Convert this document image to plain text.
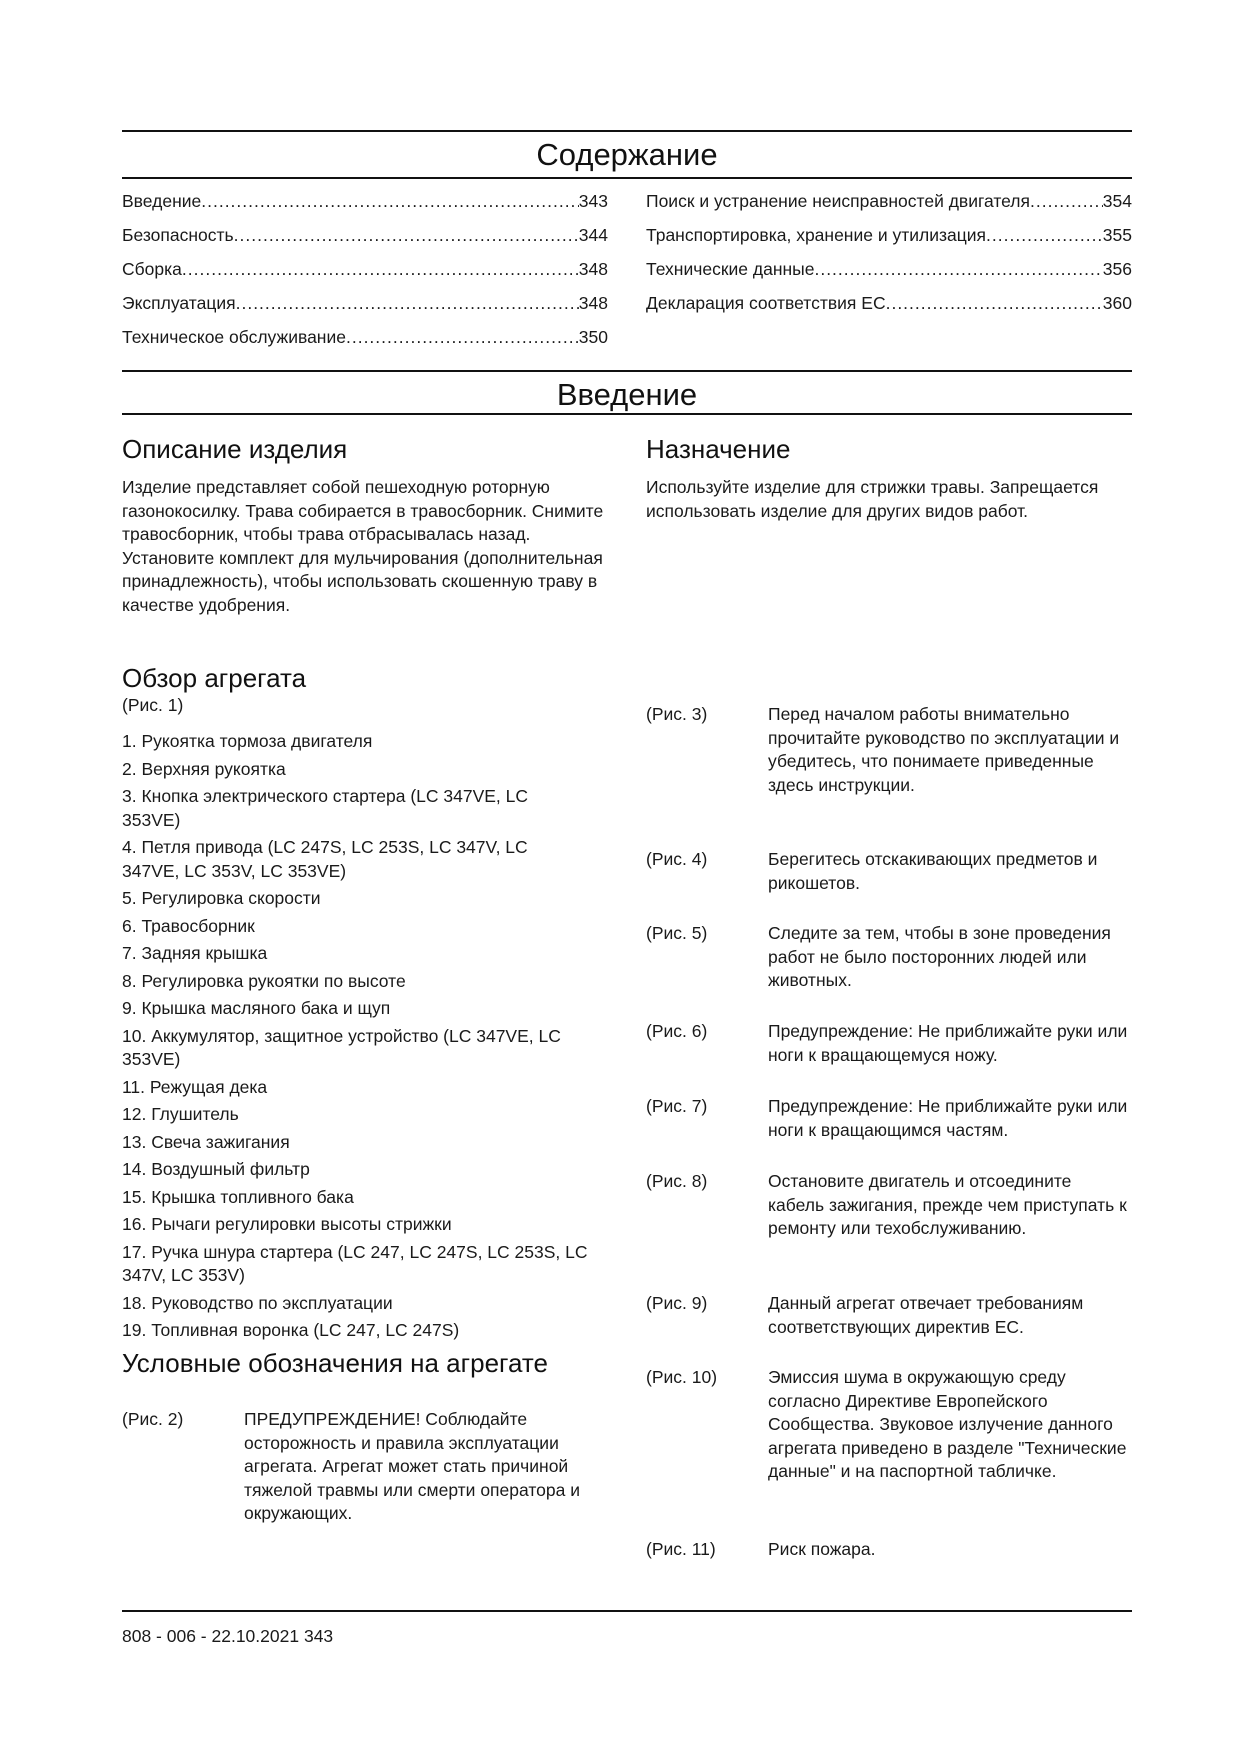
Содержание
Введение .....	343
Безопасность .....	344
Сборка .....	348
Эксплуатация .....	348
Техническое обслуживание .....	350
Поиск и устранение неисправностей двигателя .....	354
Транспортировка, хранение и утилизация .....	355
Технические данные .....	356
Декларация соответствия ЕС .....	360
Введение
Описание изделия

Изделие представляет собой пешеходную роторную газонокосилку. Трава собирается в травосборник. Снимите травосборник, чтобы трава отбрасывалась назад. Установите комплект для мульчирования (дополнительная принадлежность), чтобы использовать скошенную траву в качестве удобрения.

Назначение

Используйте изделие для стрижки травы. Запрещается использовать изделие для других видов работ.

Обзор агрегата
(Рис. 1)
1. Рукоятка тормоза двигателя
2. Верхняя рукоятка
3. Кнопка электрического стартера (LC 347VE, LC 353VE)
4. Петля привода (LC 247S, LC 253S, LC 347V, LC 347VE, LC 353V, LC 353VE)
5. Регулировка скорости
6. Травосборник
7. Задняя крышка
8. Регулировка рукоятки по высоте
9. Крышка масляного бака и щуп
10. Аккумулятор, защитное устройство (LC 347VE, LC 353VE)
11. Режущая дека
12. Глушитель
13. Свеча зажигания
14. Воздушный фильтр
15. Крышка топливного бака
16. Рычаги регулировки высоты стрижки
17. Ручка шнура стартера (LC 247, LC 247S, LC 253S, LC 347V, LC 353V)
18. Руководство по эксплуатации
19. Топливная воронка (LC 247, LC 247S)
Условные обозначения на агрегате
(Рис. 2)	ПРЕДУПРЕЖДЕНИЕ! Соблюдайте осторожность и правила эксплуатации агрегата. Агрегат может стать причиной тяжелой травмы или смерти оператора и окружающих.
(Рис. 3)	Перед началом работы внимательно прочитайте руководство по эксплуатации и убедитесь, что понимаете приведенные здесь инструкции.
(Рис. 4)	Берегитесь отскакивающих предметов и рикошетов.
(Рис. 5)	Следите за тем, чтобы в зоне проведения работ не было посторонних людей или животных.
(Рис. 6)	Предупреждение: Не приближайте руки или ноги к вращающемуся ножу.
(Рис. 7)	Предупреждение: Не приближайте руки или ноги к вращающимся частям.
(Рис. 8)	Остановите двигатель и отсоедините кабель зажигания, прежде чем приступать к ремонту или техобслуживанию.
(Рис. 9)	Данный агрегат отвечает требованиям соответствующих директив ЕС.
(Рис. 10)	Эмиссия шума в окружающую среду согласно Директиве Европейского Сообщества. Звуковое излучение данного агрегата приведено в разделе "Технические данные" и на паспортной табличке.
(Рис. 11)	Риск пожара.
808 - 006 - 22.10.2021 343
